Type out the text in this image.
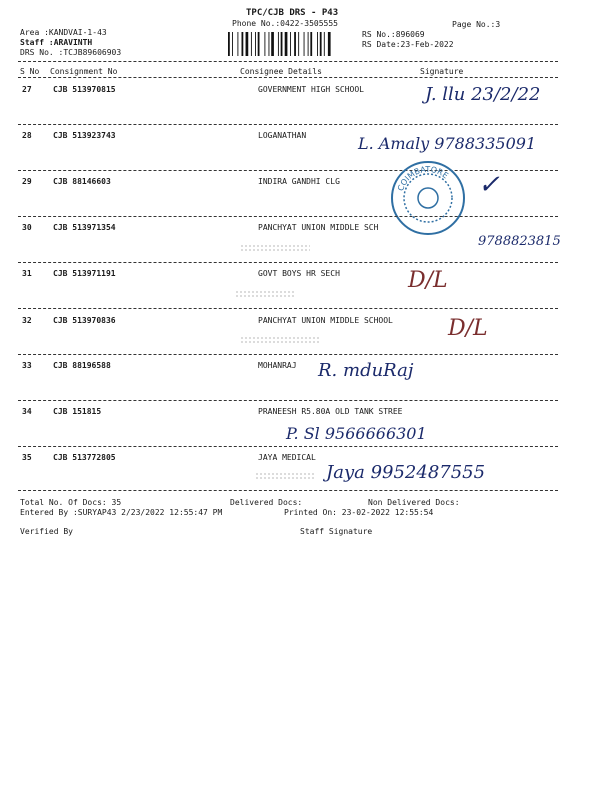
TPC/CJB DRS - P43
Phone No.:0422-3505555	Page No.:3
Area :KANDVAI-1-43
Staff :ARAVINTH
DRS No. :TCJB89606903
RS No.:896069
RS Date:23-Feb-2022
S No Consignment No	Consignee Details	Signature
27	CJB 513970815	GOVERNMENT HIGH SCHOOL	J. llu 23/2/22
28	CJB 513923743	LOGANATHAN	L. Amaly 9788335091
29	CJB 88146603	INDIRA GANDHI CLG	✓
COIMBATORE
30	CJB 513971354	PANCHYAT UNION MIDDLE SCH
9788823815
31	CJB 513971191	GOVT BOYS HR SECH	D/L
32	CJB 513970836	PANCHYAT UNION MIDDLE SCHOOL	D/L
33	CJB 88196588	MOHANRAJ R. mduRaj
34	CJB 151815	PRANEESH R5.80A OLD TANK STREE
P. Sl 9566666301
35	CJB 513772805	JAYA MEDICAL
Jaya 9952487555
Total No. Of Docs: 35	Delivered Docs:	Non Delivered Docs:
Entered By :SURYAP43 2/23/2022 12:55:47 PM	Printed On: 23-02-2022 12:55:54
Verified By	Staff Signature
